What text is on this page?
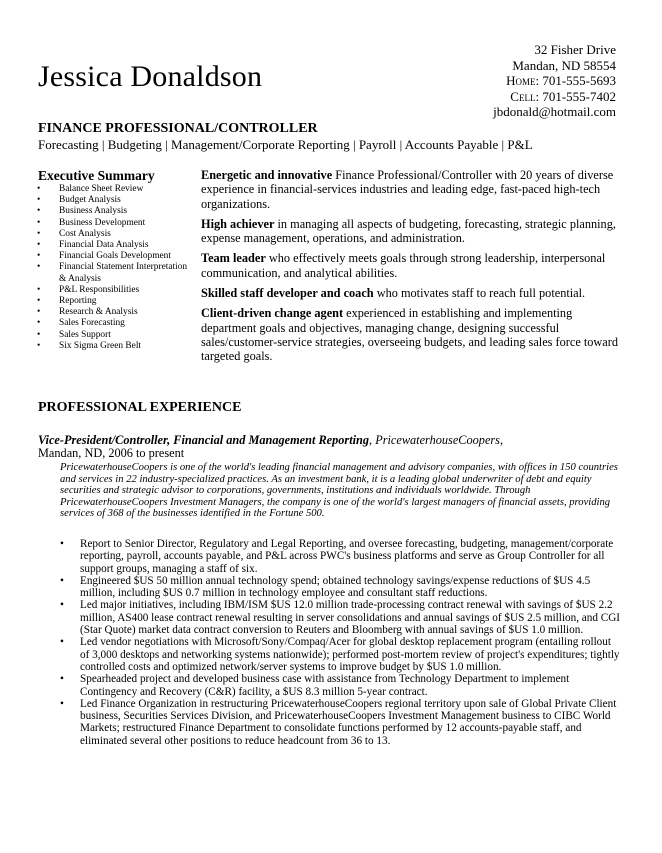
Jessica Donaldson
32 Fisher Drive
Mandan, ND 58554
Home: 701-555-5693
Cell: 701-555-7402
jbdonald@hotmail.com
FINANCE PROFESSIONAL/CONTROLLER
Forecasting | Budgeting | Management/Corporate Reporting | Payroll | Accounts Payable | P&L
Executive Summary
• Balance Sheet Review
• Budget Analysis
• Business Analysis
• Business Development
• Cost Analysis
• Financial Data Analysis
• Financial Goals Development
• Financial Statement Interpretation & Analysis
• P&L Responsibilities
• Reporting
• Research & Analysis
• Sales Forecasting
• Sales Support
• Six Sigma Green Belt

Energetic and innovative Finance Professional/Controller with 20 years of diverse experience in financial-services industries and leading edge, fast-paced high-tech organizations.

High achiever in managing all aspects of budgeting, forecasting, strategic planning, expense management, operations, and administration.

Team leader who effectively meets goals through strong leadership, interpersonal communication, and analytical abilities.

Skilled staff developer and coach who motivates staff to reach full potential.

Client-driven change agent experienced in establishing and implementing department goals and objectives, managing change, designing successful sales/customer-service strategies, overseeing budgets, and leading sales force toward targeted goals.

PROFESSIONAL EXPERIENCE
Vice-President/Controller, Financial and Management Reporting, PricewaterhouseCoopers,
Mandan, ND, 2006 to present
PricewaterhouseCoopers is one of the world's leading financial management and advisory companies, with offices in 150 countries and services in 22 industry-specialized practices. As an investment bank, it is a leading global underwriter of debt and equity securities and strategic advisor to corporations, governments, institutions and individuals worldwide. Through PricewaterhouseCoopers Investment Managers, the company is one of the world's largest managers of financial assets, providing services of 368 of the businesses identified in the Fortune 500.
• Report to Senior Director, Regulatory and Legal Reporting, and oversee forecasting, budgeting, management/corporate reporting, payroll, accounts payable, and P&L across PWC's business platforms and serve as Group Controller for all support groups, managing a staff of six.
• Engineered $US 50 million annual technology spend; obtained technology savings/expense reductions of $US 4.5 million, including $US 0.7 million in technology employee and consultant staff reductions.
• Led major initiatives, including IBM/ISM $US 12.0 million trade-processing contract renewal with savings of $US 2.2 million, AS400 lease contract renewal resulting in server consolidations and annual savings of $US 2.5 million, and CGI (Star Quote) market data contract conversion to Reuters and Bloomberg with annual savings of $US 1.0 million.
• Led vendor negotiations with Microsoft/Sony/Compaq/Acer for global desktop replacement program (entailing rollout of 3,000 desktops and networking systems nationwide); performed post-mortem review of project's expenditures; tightly controlled costs and optimized network/server systems to improve budget by $US 1.0 million.
• Spearheaded project and developed business case with assistance from Technology Department to implement Contingency and Recovery (C&R) facility, a $US 8.3 million 5-year contract.
• Led Finance Organization in restructuring PricewaterhouseCoopers regional territory upon sale of Global Private Client business, Securities Services Division, and PricewaterhouseCoopers Investment Management business to CIBC World Markets; restructured Finance Department to consolidate functions performed by 12 accounts-payable staff, and eliminated several other positions to reduce headcount from 36 to 13.
